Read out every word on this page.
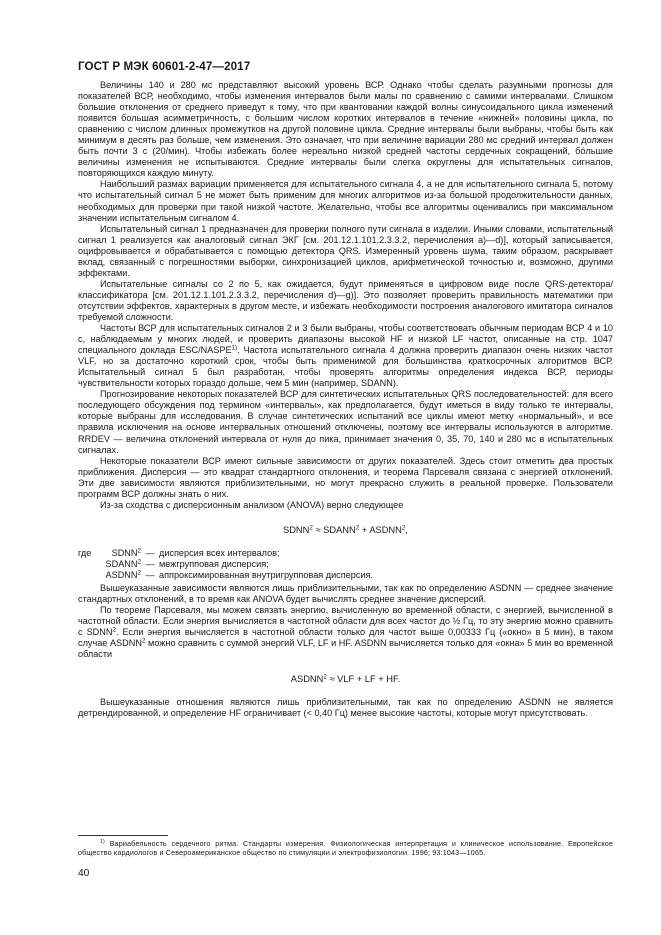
ГОСТ Р МЭК 60601-2-47—2017

Величины 140 и 280 мс представляют высокий уровень ВСР. Однако чтобы сделать разумными прогнозы для показателей ВСР, необходимо, чтобы изменения интервалов были малы по сравнению с самими интервалами. Слишком большие отклонения от среднего приведут к тому, что при квантовании каждой волны синусоидального цикла изменений появится большая асимметричность, с большим числом коротких интервалов в течение «нижней» половины цикла, по сравнению с числом длинных промежутков на другой половине цикла. Средние интервалы были выбраны, чтобы быть как минимум в десять раз больше, чем изменения. Это означает, что при величине вариации 280 мс средний интервал должен быть почти 3 с (20/мин). Чтобы избежать более нереально низкой средней частоты сердечных сокращений, бо́льшие величины изменения не испытываются. Средние интервалы были слегка округлены для испытательных сигналов, повторяющихся каждую минуту.

Наибольший размах вариации применяется для испытательного сигнала 4, а не для испытательного сигнала 5, потому что испытательный сигнал 5 не может быть применим для многих алгоритмов из-за большой продолжительности данных, необходимых для проверки при такой низкой частоте. Желательно, чтобы все алгоритмы оценивались при максимальном значении испытательным сигналом 4.

Испытательный сигнал 1 предназначен для проверки полного пути сигнала в изделии. Иными словами, испытательный сигнал 1 реализуется как аналоговый сигнал ЭКГ [см. 201.12.1.101.2.3.3.2, перечисления a)—d)], который записывается, оцифровывается и обрабатывается с помощью детектора QRS. Измеренный уровень шума, таким образом, раскрывает вклад, связанный с погрешностями выборки, синхронизацией циклов, арифметической точностью и, возможно, другими эффектами.

Испытательные сигналы со 2 по 5, как ожидается, будут применяться в цифровом виде после QRS-детектора/классификатора [см. 201.12.1.101.2.3.3.2, перечисления d)—g)]. Это позволяет проверить правильность математики при отсутствии эффектов, характерных в другом месте, и избежать необходимости построения аналогового имитатора сигналов требуемой сложности.

Частоты ВСР для испытательных сигналов 2 и 3 были выбраны, чтобы соответствовать обычным периодам ВСР 4 и 10 с, наблюдаемым у многих людей, и проверить диапазоны высокой HF и низкой LF частот, описанные на стр. 1047 специального доклада ESC/NASPE$^{1)}$. Частота испытательного сигнала 4 должна проверить диапазон очень низких частот VLF, но за достаточно короткий срок, чтобы быть применимой для большинства краткосрочных алгоритмов ВСР. Испытательный сигнал 5 был разработан, чтобы проверять алгоритмы определения индекса ВСР, периоды чувствительности которых гораздо дольше, чем 5 мин (например, SDANN).

Прогнозирование некоторых показателей ВСР для синтетических испытательных QRS последовательностей: для всего последующего обсуждения под термином «интервалы», как предполагается, будут иметься в виду только те интервалы, которые выбраны для исследования. В случае синтетических испытаний все циклы имеют метку «нормальный», и все правила исключения на основе интервальных отношений отключены, поэтому все интервалы используются в алгоритме. RRDEV — величина отклонений интервала от нуля до пика, принимает значения 0, 35, 70, 140 и 280 мс в испытательных сигналах.

Некоторые показатели ВСР имеют сильные зависимости от других показателей. Здесь стоит отметить два простых приближения. Дисперсия — это квадрат стандартного отклонения, и теорема Парсеваля связана с энергией отклонений. Эти две зависимости являются приблизительными, но могут прекрасно служить в реальной проверке. Пользователи программ ВСР должны знать о них.

Из-за сходства с дисперсионным анализом (ANOVA) верно следующее

$SDNN^2$ ≈ $SDANN^2$ + $ASDNN^2$,
где	SDNN$^2$ — дисперсия всех интервалов;
SDANN$^2$ — межгрупповая дисперсия;
ASDNN$^2$ — аппроксимированная внутригрупповая дисперсия.

Вышеуказанные зависимости являются лишь приблизительными, так как по определению ASDNN — среднее значение стандартных отклонений, в то время как ANOVA будет вычислять среднее значение дисперсий.

По теореме Парсеваля, мы можем связать энергию, вычисленную во временной области, с энергией, вычисленной в частотной области. Если энергия вычисляется в частотной области для всех частот до ½ Гц, то эту энергию можно сравнить с SDNN$^2$. Если энергия вычисляется в частотной области только для частот выше 0,00333 Гц («окно» в 5 мин), в таком случае ASDNN$^2$ можно сравнить с суммой энергий VLF, LF и HF. ASDNN вычисляется только для «окна» 5 мин во временной области

$ASDNN^2$ ≈ VLF + LF + HF.

Вышеуказанные отношения являются лишь приблизительными, так как по определению ASDNN не является детрендированной, и определение HF ограничивает (< 0,40 Гц) менее высокие частоты, которые могут присутствовать.

$^{1)}$ Вариабельность сердечного ритма. Стандарты измерения. Физиологическая интерпретация и клиническое использование. Европейское общество кардиологов и Североамериканское общество по стимуляции и электрофизиологии. 1996; 93:1043—1065.

40
